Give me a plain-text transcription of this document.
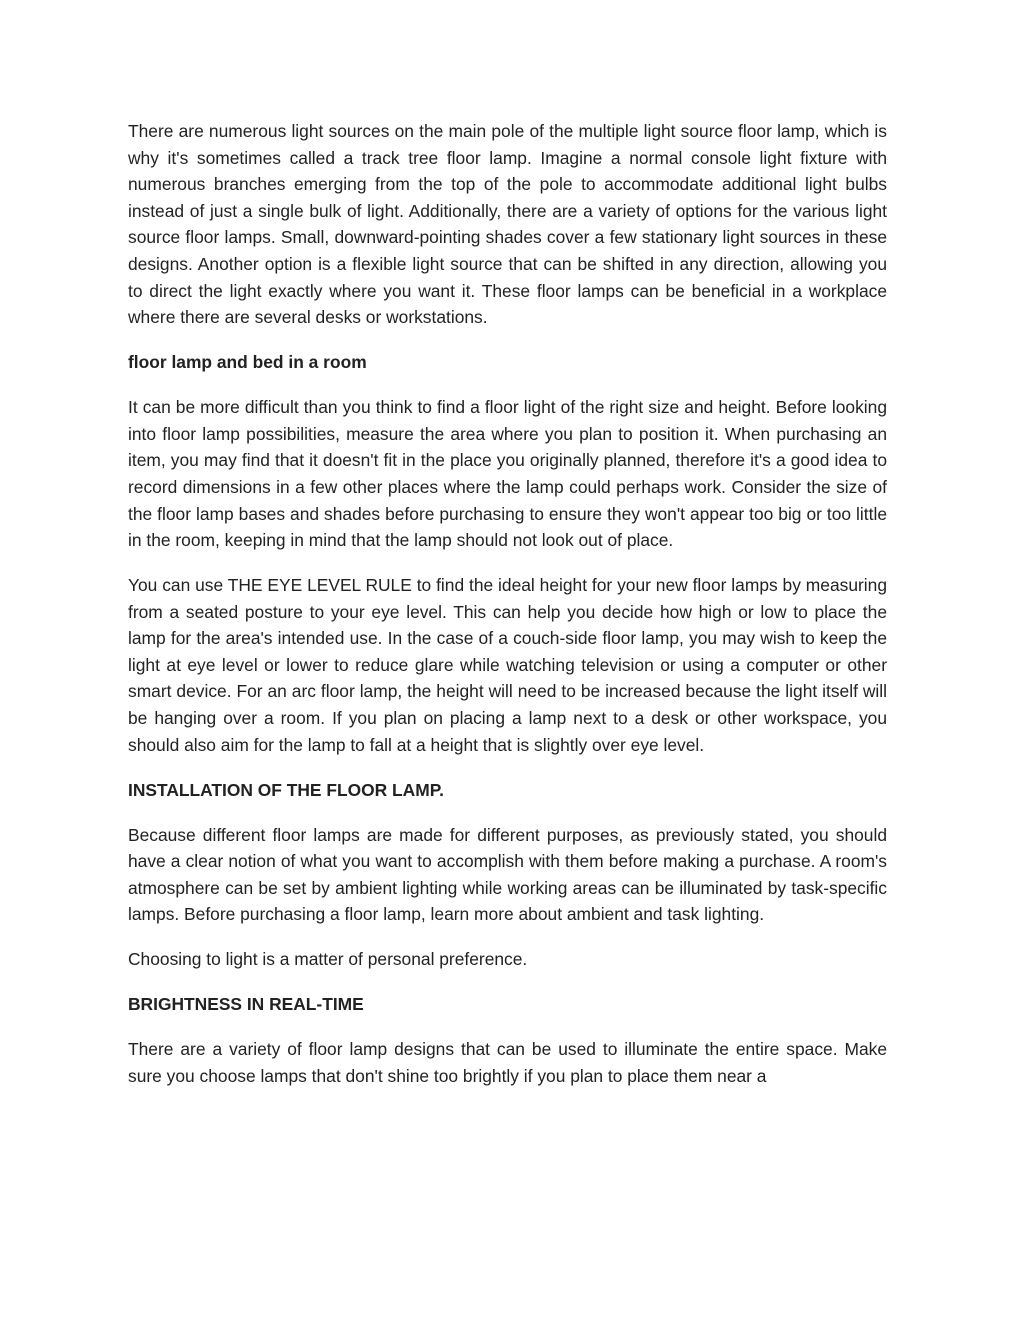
There are numerous light sources on the main pole of the multiple light source floor lamp, which is why it's sometimes called a track tree floor lamp. Imagine a normal console light fixture with numerous branches emerging from the top of the pole to accommodate additional light bulbs instead of just a single bulk of light. Additionally, there are a variety of options for the various light source floor lamps. Small, downward-pointing shades cover a few stationary light sources in these designs. Another option is a flexible light source that can be shifted in any direction, allowing you to direct the light exactly where you want it. These floor lamps can be beneficial in a workplace where there are several desks or workstations.

floor lamp and bed in a room

It can be more difficult than you think to find a floor light of the right size and height. Before looking into floor lamp possibilities, measure the area where you plan to position it. When purchasing an item, you may find that it doesn't fit in the place you originally planned, therefore it's a good idea to record dimensions in a few other places where the lamp could perhaps work. Consider the size of the floor lamp bases and shades before purchasing to ensure they won't appear too big or too little in the room, keeping in mind that the lamp should not look out of place.

You can use THE EYE LEVEL RULE to find the ideal height for your new floor lamps by measuring from a seated posture to your eye level. This can help you decide how high or low to place the lamp for the area's intended use. In the case of a couch-side floor lamp, you may wish to keep the light at eye level or lower to reduce glare while watching television or using a computer or other smart device. For an arc floor lamp, the height will need to be increased because the light itself will be hanging over a room. If you plan on placing a lamp next to a desk or other workspace, you should also aim for the lamp to fall at a height that is slightly over eye level.

INSTALLATION OF THE FLOOR LAMP.

Because different floor lamps are made for different purposes, as previously stated, you should have a clear notion of what you want to accomplish with them before making a purchase. A room's atmosphere can be set by ambient lighting while working areas can be illuminated by task-specific lamps. Before purchasing a floor lamp, learn more about ambient and task lighting.

Choosing to light is a matter of personal preference.

BRIGHTNESS IN REAL-TIME

There are a variety of floor lamp designs that can be used to illuminate the entire space. Make sure you choose lamps that don't shine too brightly if you plan to place them near a
